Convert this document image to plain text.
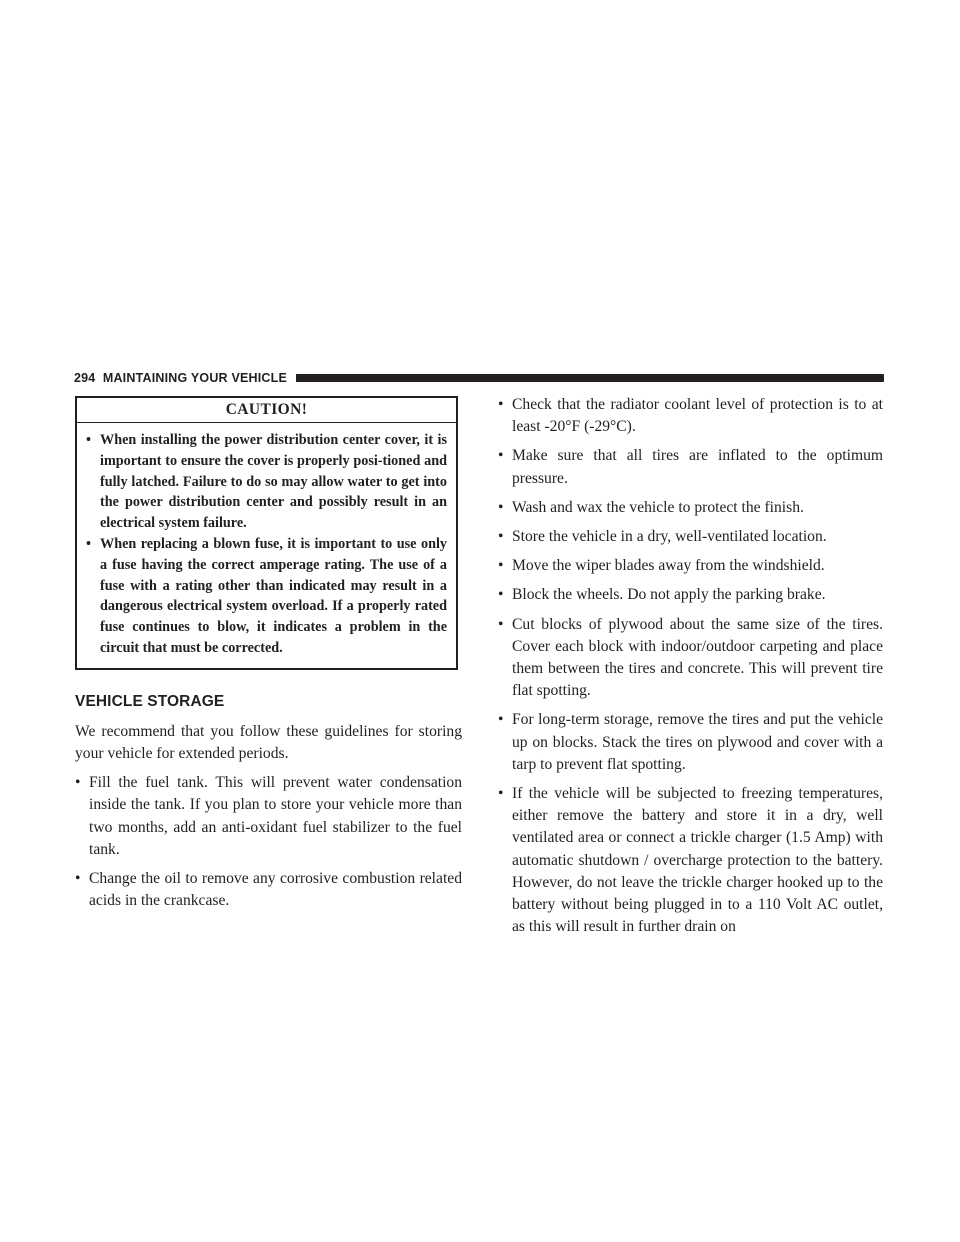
294 MAINTAINING YOUR VEHICLE
CAUTION!
• When installing the power distribution center cover, it is important to ensure the cover is properly posi-tioned and fully latched. Failure to do so may allow water to get into the power distribution center and possibly result in an electrical system failure.
• When replacing a blown fuse, it is important to use only a fuse having the correct amperage rating. The use of a fuse with a rating other than indicated may result in a dangerous electrical system overload. If a properly rated fuse continues to blow, it indicates a problem in the circuit that must be corrected.
VEHICLE STORAGE

We recommend that you follow these guidelines for storing your vehicle for extended periods.

• Fill the fuel tank. This will prevent water condensation inside the tank. If you plan to store your vehicle more than two months, add an anti-oxidant fuel stabilizer to the fuel tank.
• Change the oil to remove any corrosive combustion related acids in the crankcase.
• Check that the radiator coolant level of protection is to at least -20°F (-29°C).
• Make sure that all tires are inflated to the optimum pressure.
• Wash and wax the vehicle to protect the finish.
• Store the vehicle in a dry, well-ventilated location.
• Move the wiper blades away from the windshield.
• Block the wheels. Do not apply the parking brake.
• Cut blocks of plywood about the same size of the tires. Cover each block with indoor/outdoor carpeting and place them between the tires and concrete. This will prevent tire flat spotting.
• For long-term storage, remove the tires and put the vehicle up on blocks. Stack the tires on plywood and cover with a tarp to prevent flat spotting.
• If the vehicle will be subjected to freezing temperatures, either remove the battery and store it in a dry, well ventilated area or connect a trickle charger (1.5 Amp) with automatic shutdown / overcharge protection to the battery. However, do not leave the trickle charger hooked up to the battery without being plugged in to a 110 Volt AC outlet, as this will result in further drain on
